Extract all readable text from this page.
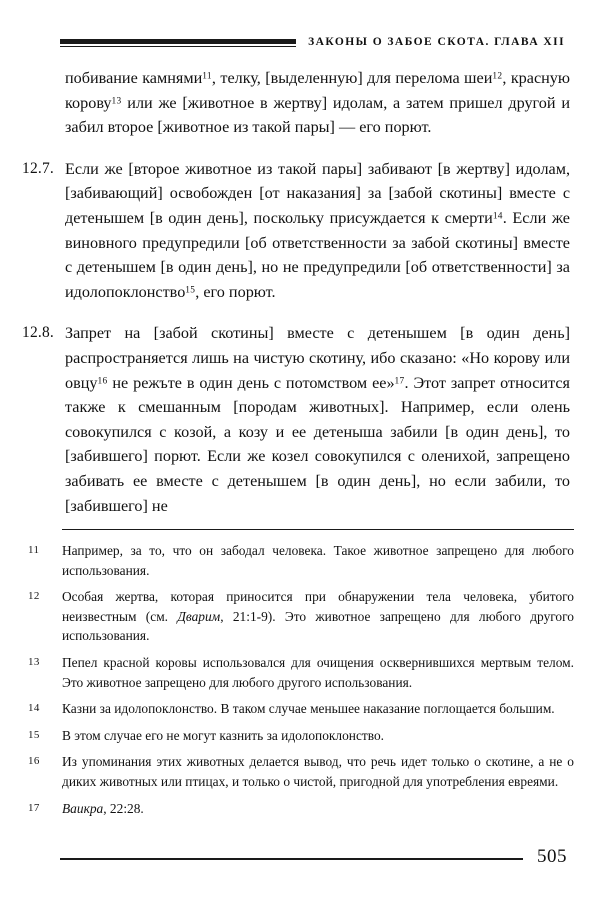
ЗАКОНЫ О ЗАБОЕ СКОТА. ГЛАВА XII
побивание камнями$^{11}$, телку, [выделенную] для перелома шеи$^{12}$, красную корову$^{13}$ или же [животное в жертву] идолам, а затем пришел другой и забил второе [животное из такой пары] — его порют.
12.7. Если же [второе животное из такой пары] забивают [в жертву] идолам, [забивающий] освобожден [от наказания] за [забой скотины] вместе с детенышем [в один день], поскольку присуждается к смерти$^{14}$. Если же виновного предупредили [об ответственности за забой скотины] вместе с детенышем [в один день], но не предупредили [об ответственности] за идолопоклонство$^{15}$, его порют.
12.8. Запрет на [забой скотины] вместе с детенышем [в один день] распространяется лишь на чистую скотину, ибо сказано: «Но корову или овцу$^{16}$ не режъте в один день с потомством ее»$^{17}$. Этот запрет относится также к смешанным [породам животных]. Например, если олень совокупился с козой, а козу и ее детеныша забили [в один день], то [забившего] порют. Если же козел совокупился с оленихой, запрещено забивать ее вместе с детенышем [в один день], но если забили, то [забившего] не
11	Например, за то, что он забодал человека. Такое животное запрещено для любого использования.
12	Особая жертва, которая приносится при обнаружении тела человека, убитого неизвестным (см. Дварим, 21:1-9). Это животное запрещено для любого другого использования.
13	Пепел красной коровы использовался для очищения осквернившихся мертвым телом. Это животное запрещено для любого другого использования.
14	Казни за идолопоклонство. В таком случае меньшее наказание поглощается большим.
15	В этом случае его не могут казнить за идолопоклонство.
16	Из упоминания этих животных делается вывод, что речь идет только о скотине, а не о диких животных или птицах, и только о чистой, пригодной для употребления евреями.
17	Ваикра, 22:28.
505
